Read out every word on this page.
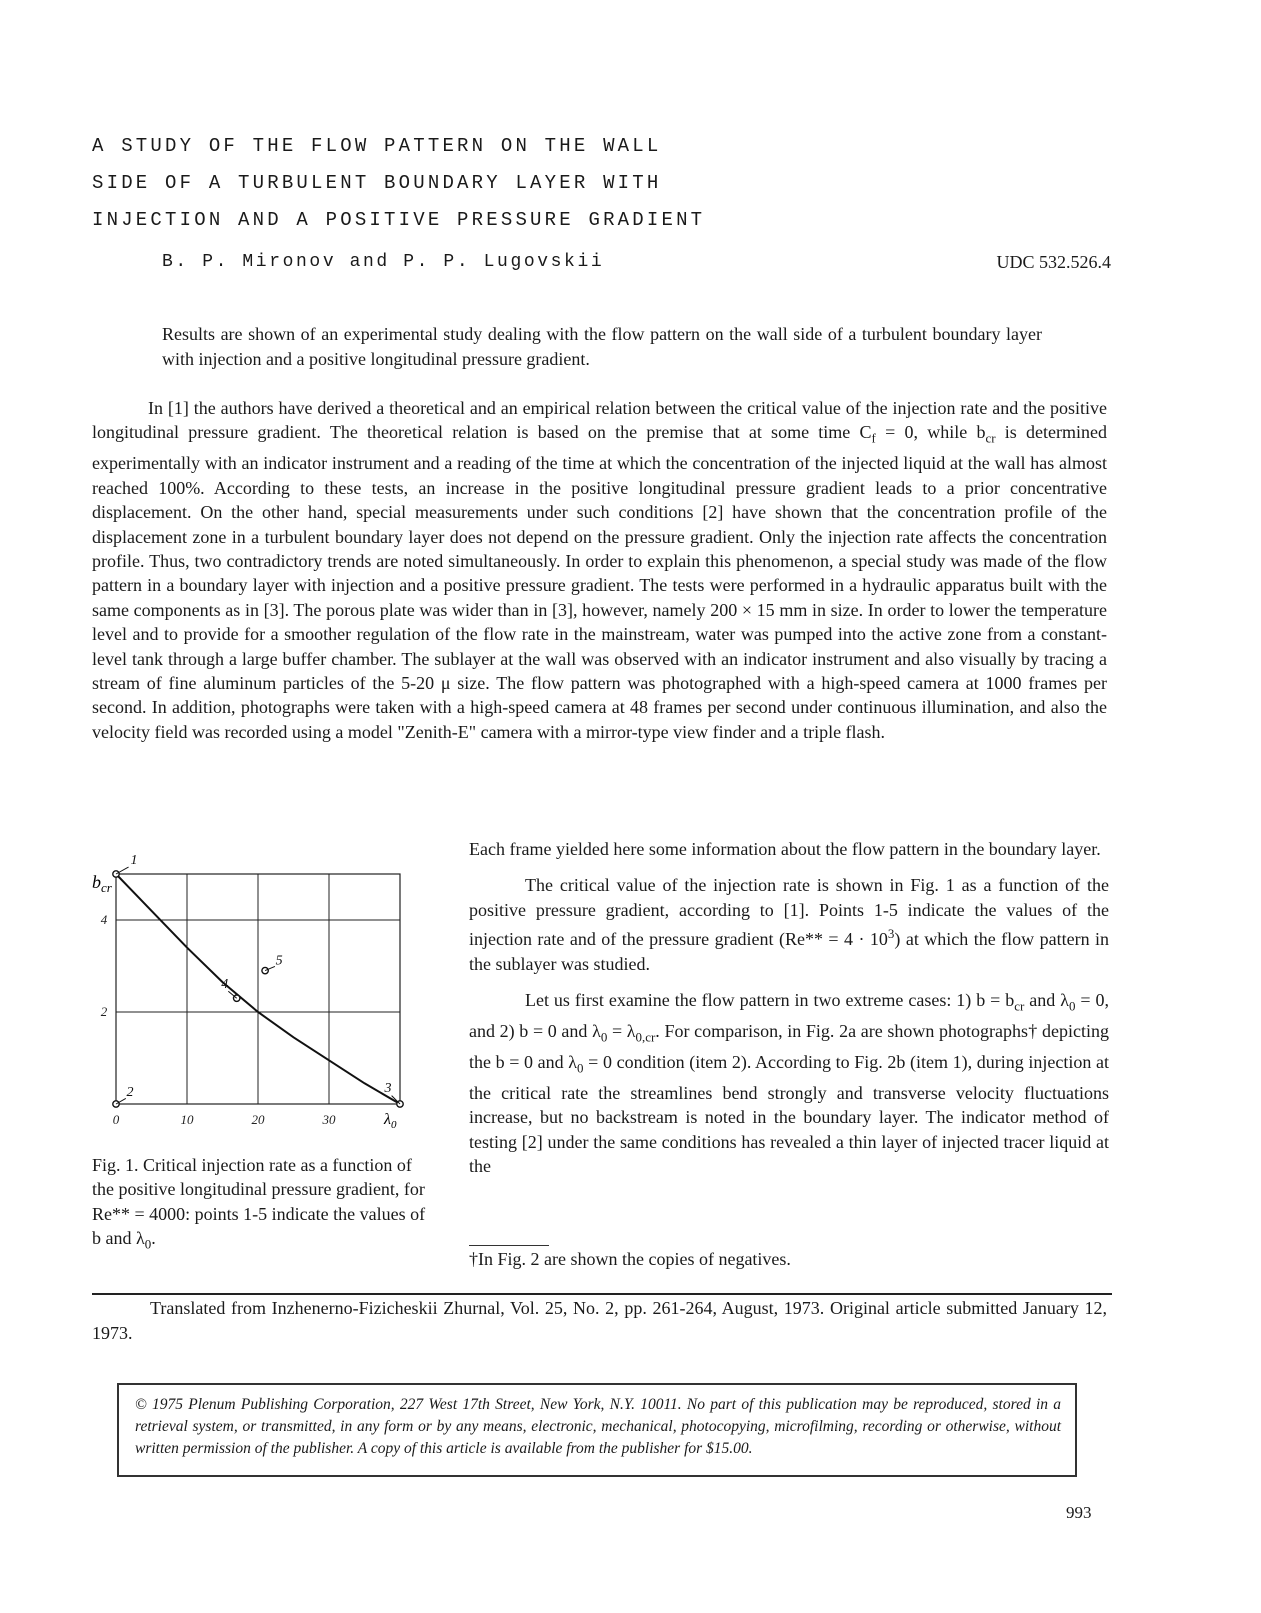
A STUDY OF THE FLOW PATTERN ON THE WALL
SIDE OF A TURBULENT BOUNDARY LAYER WITH
INJECTION AND A POSITIVE PRESSURE GRADIENT
B. P. Mironov and P. P. Lugovskii	UDC 532.526.4

Results are shown of an experimental study dealing with the flow pattern on the wall side of a turbulent boundary layer with injection and a positive longitudinal pressure gradient.

In [1] the authors have derived a theoretical and an empirical relation between the critical value of the injection rate and the positive longitudinal pressure gradient. The theoretical relation is based on the premise that at some time $C_f = 0$, while $b_{cr}$ is determined experimentally with an indicator instrument and a reading of the time at which the concentration of the injected liquid at the wall has almost reached 100%. According to these tests, an increase in the positive longitudinal pressure gradient leads to a prior concentrative displacement. On the other hand, special measurements under such conditions [2] have shown that the concentration profile of the displacement zone in a turbulent boundary layer does not depend on the pressure gradient. Only the injection rate affects the concentration profile. Thus, two contradictory trends are noted simultaneously. In order to explain this phenomenon, a special study was made of the flow pattern in a boundary layer with injection and a positive pressure gradient. The tests were performed in a hydraulic apparatus built with the same components as in [3]. The porous plate was wider than in [3], however, namely 200 × 15 mm in size. In order to lower the temperature level and to provide for a smoother regulation of the flow rate in the mainstream, water was pumped into the active zone from a constant-level tank through a large buffer chamber. The sublayer at the wall was observed with an indicator instrument and also visually by tracing a stream of fine aluminum particles of the 5-20 μ size. The flow pattern was photographed with a high-speed camera at 1000 frames per second. In addition, photographs were taken with a high-speed camera at 48 frames per second under continuous illumination, and also the velocity field was recorded using a model "Zenith-E" camera with a mirror-type view finder and a triple flash.

0	10	20	30
2
4
1
2	3
4
5
$b_{cr}$
$\lambda_0$

Fig. 1. Critical injection rate as a function of the positive longitudinal pressure gradient, for Re** = 4000: points 1-5 indicate the values of b and $\lambda_0$.

Each frame yielded here some information about the flow pattern in the boundary layer.

The critical value of the injection rate is shown in Fig. 1 as a function of the positive pressure gradient, according to [1]. Points 1-5 indicate the values of the injection rate and of the pressure gradient $(Re** = 4 \cdot 10^3)$ at which the flow pattern in the sublayer was studied.

Let us first examine the flow pattern in two extreme cases: 1) $b = b_{cr}$ and $\lambda_0 = 0$, and 2) b = 0 and $\lambda_0 = \lambda_{0,cr}$. For comparison, in Fig. 2a are shown photographs† depicting the b = 0 and $\lambda_0 = 0$ condition (item 2). According to Fig. 2b (item 1), during injection at the critical rate the streamlines bend strongly and transverse velocity fluctuations increase, but no backstream is noted in the boundary layer. The indicator method of testing [2] under the same conditions has revealed a thin layer of injected tracer liquid at the

†In Fig. 2 are shown the copies of negatives.

Translated from Inzhenerno-Fizicheskii Zhurnal, Vol. 25, No. 2, pp. 261-264, August, 1973. Original article submitted January 12, 1973.

© 1975 Plenum Publishing Corporation, 227 West 17th Street, New York, N.Y. 10011. No part of this publication may be reproduced, stored in a retrieval system, or transmitted, in any form or by any means, electronic, mechanical, photocopying, microfilming, recording or otherwise, without written permission of the publisher. A copy of this article is available from the publisher for $15.00.
993
